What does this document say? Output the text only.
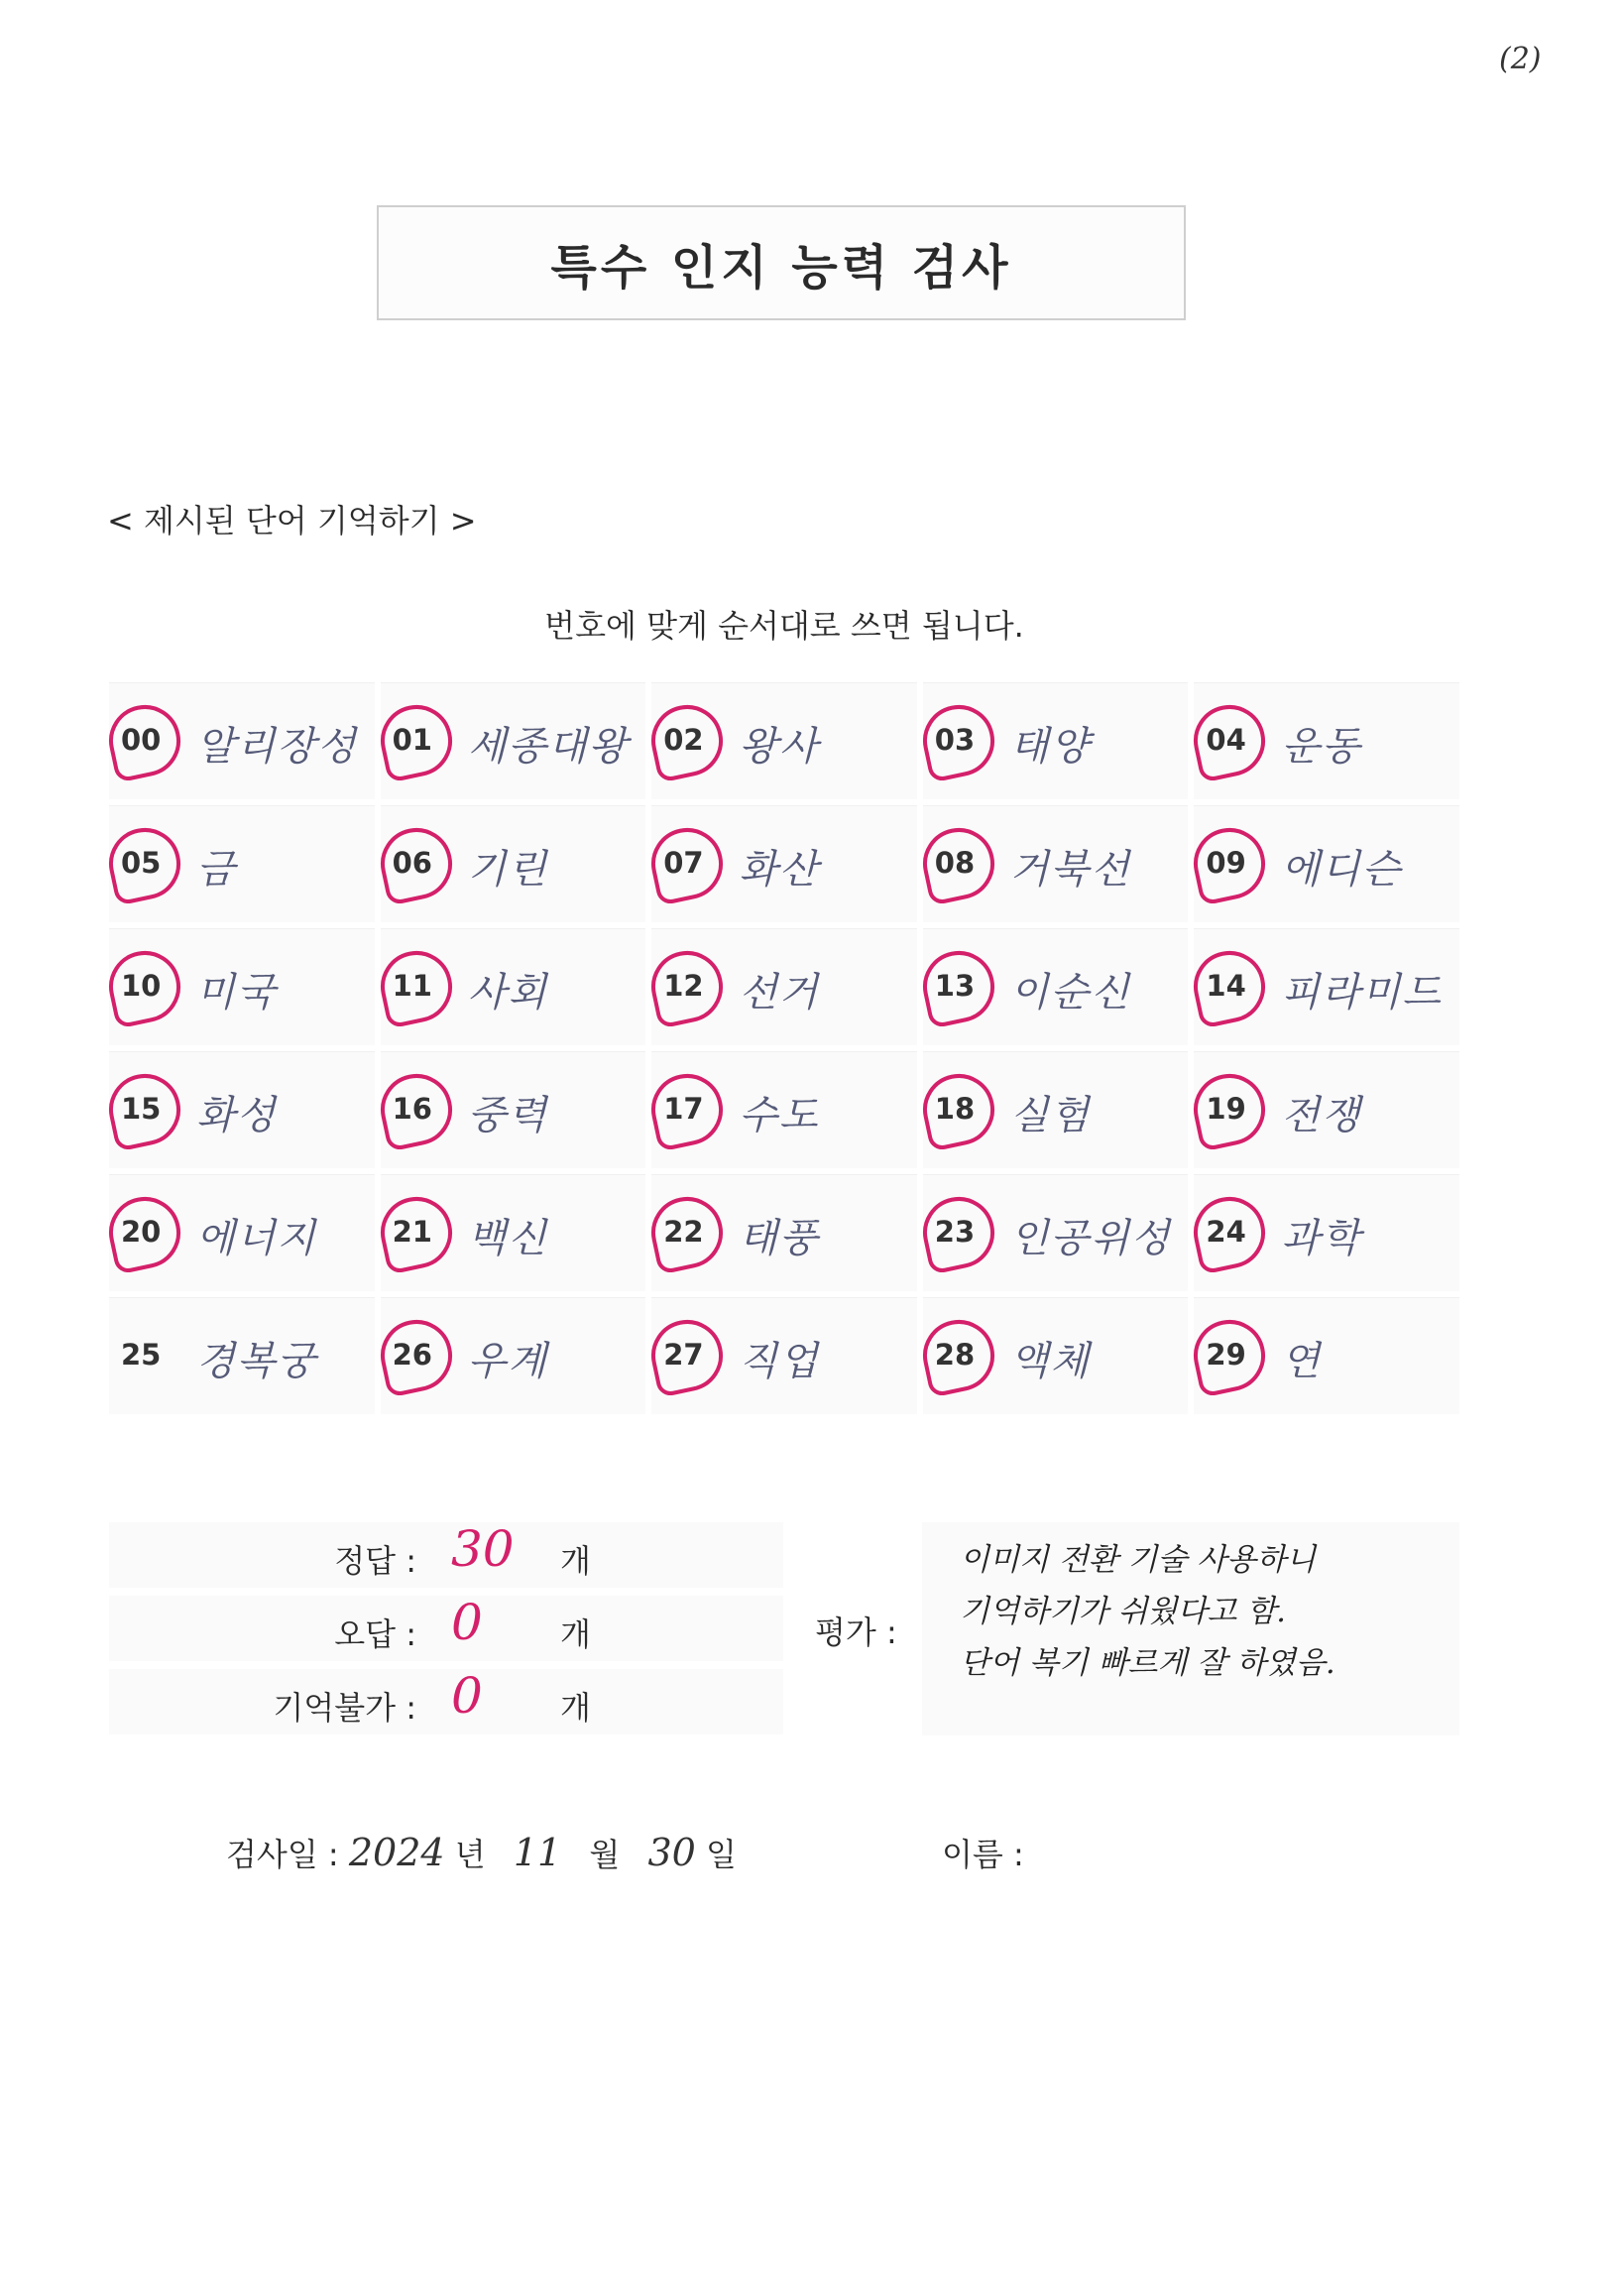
(2)
특수 인지 능력 검사
< 제시된 단어 기억하기 >
번호에 맞게 순서대로 쓰면 됩니다.
00 알리장성 01 세종대왕 02 왕사	03 태양	04 운동
05 금	06 기린	07 화산	08 거북선	09 에디슨
10 미국	11 사회	12 선거	13 이순신	14 피라미드
15 화성	16 중력	17 수도	18 실험	19 전쟁
20 에너지	21 백신	22 태풍	23 인공위성 24 과학
25 경복궁	26 우계	27 직업	28 액체	29 연
정답 : 30 개
오답 : 0 개
기억불가 : 0 개
평가 :
이미지 전환 기술 사용하니
기억하기가 쉬웠다고 함.
단어 복기 빠르게 잘 하였음.
검사일 : 2024 년 11 월 30 일	이름 :
